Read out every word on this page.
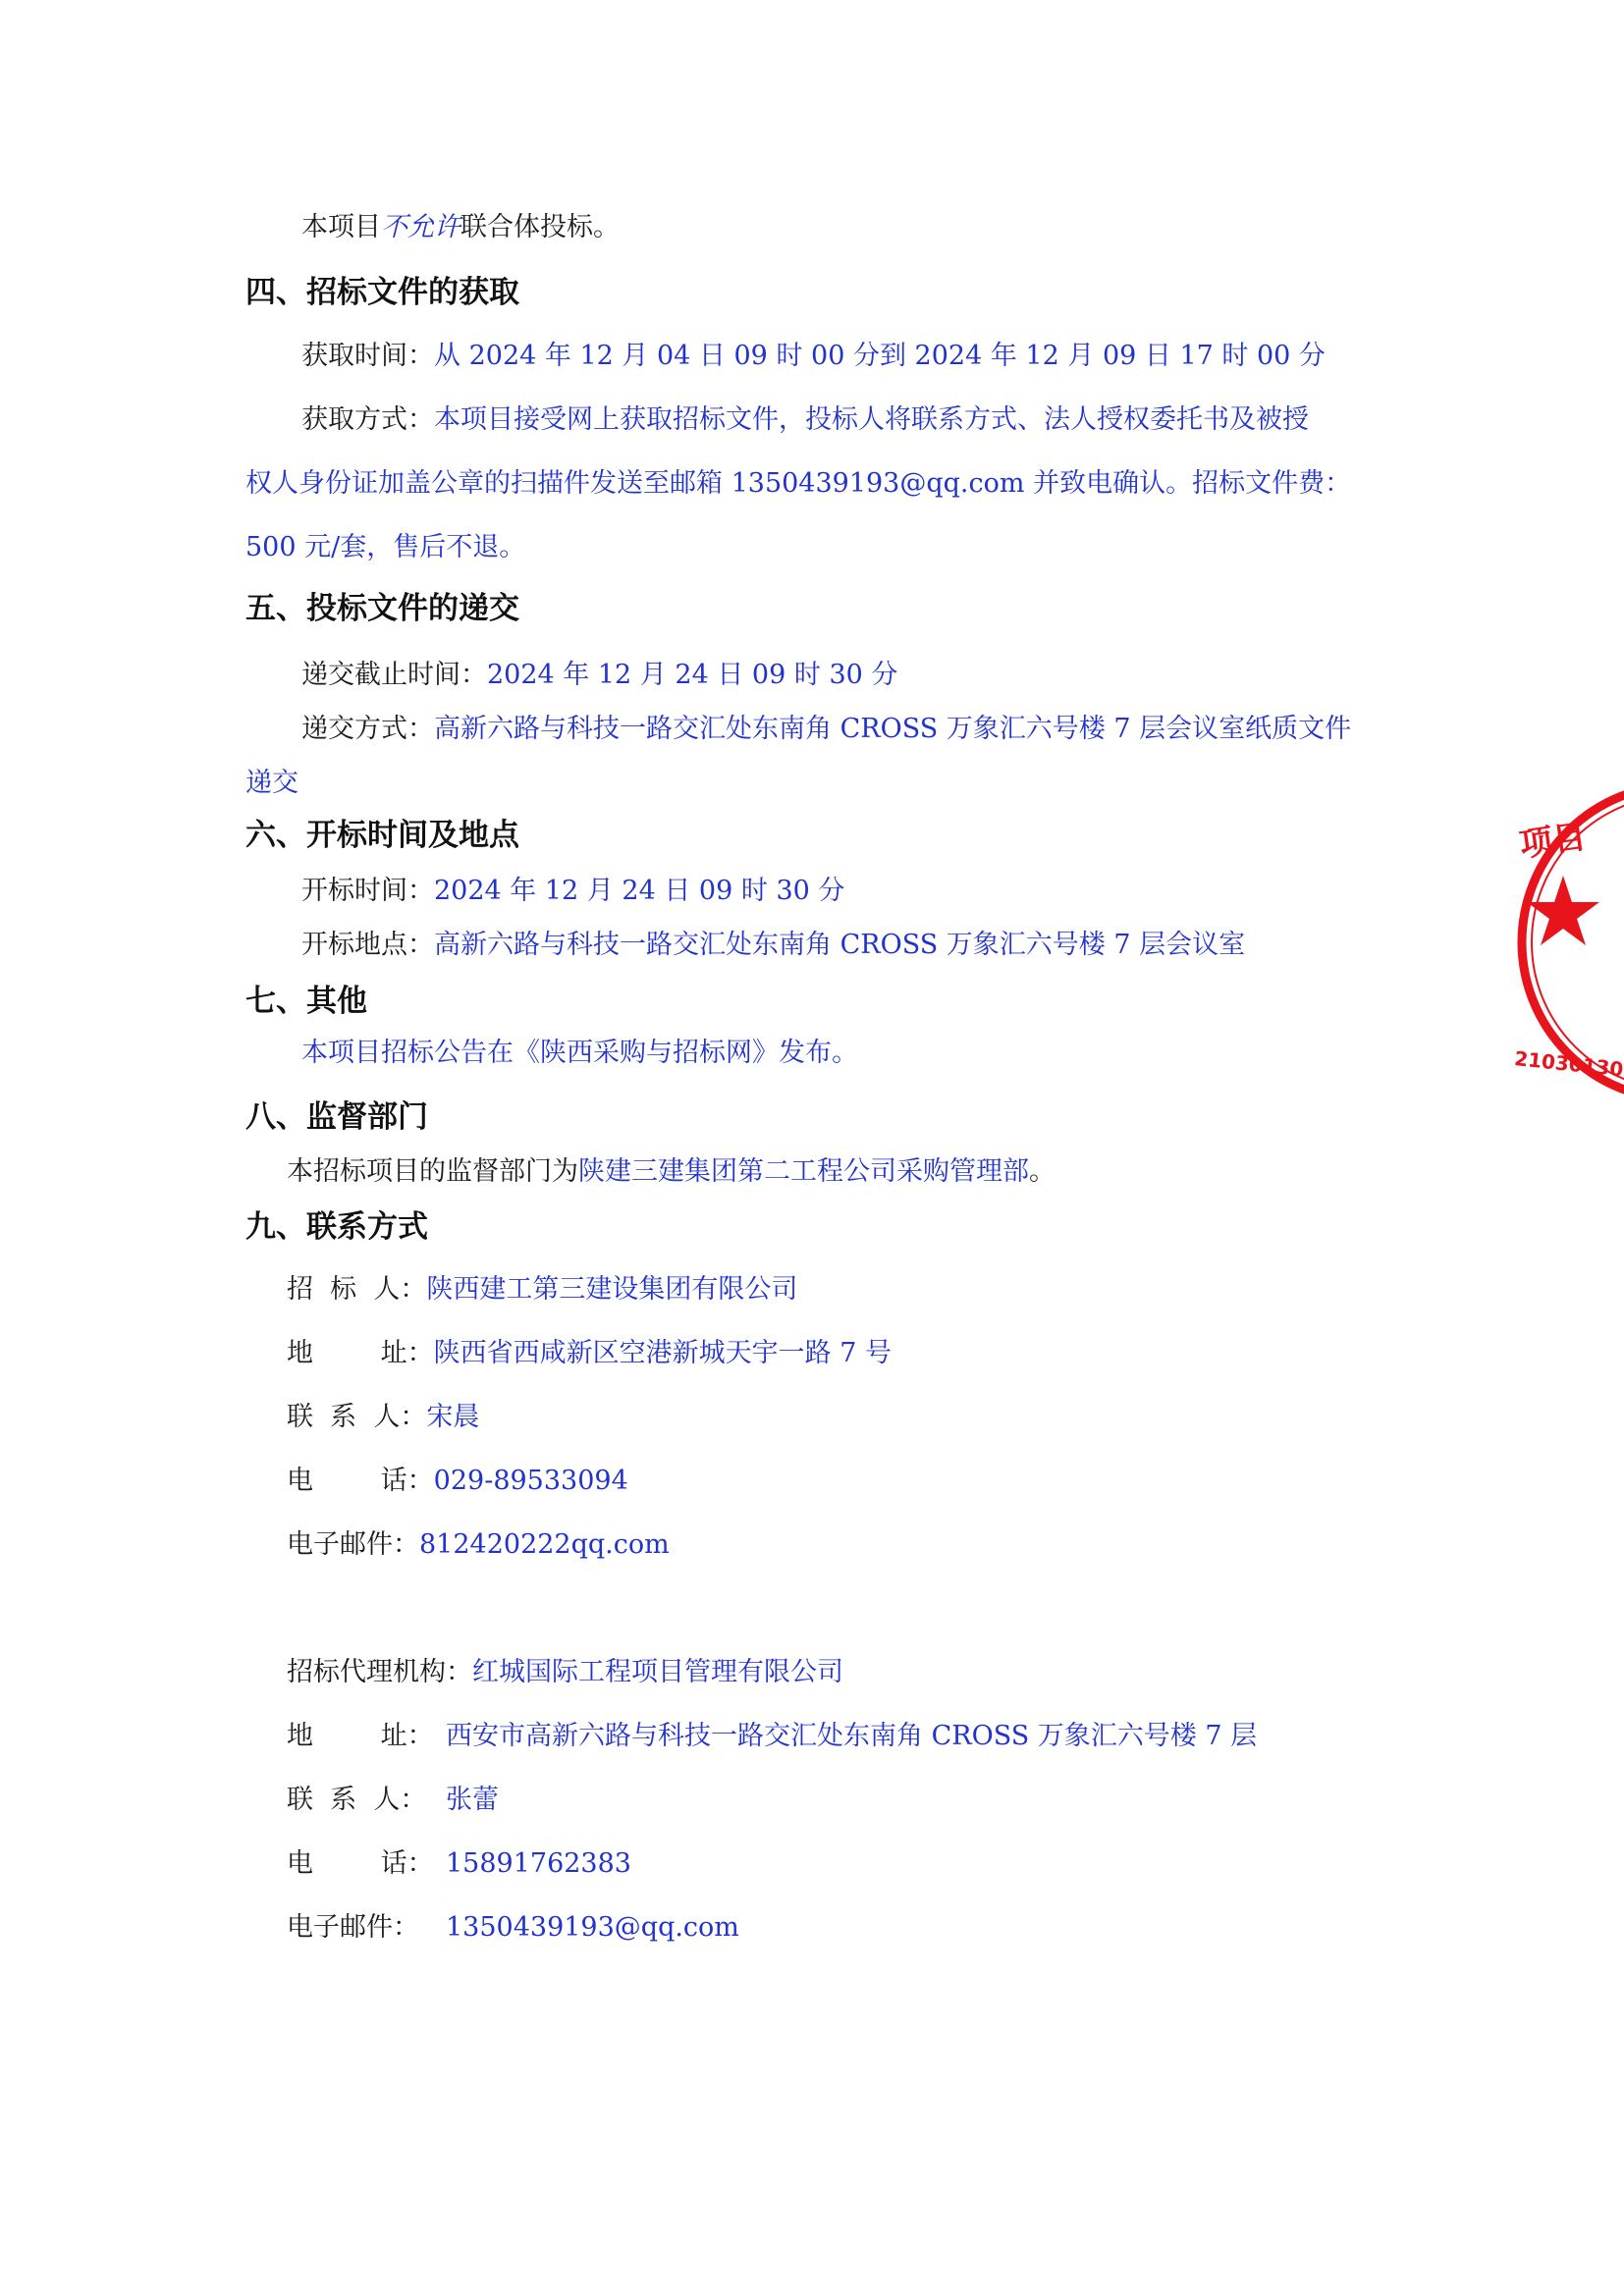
本项目不允许联合体投标。
四、招标文件的获取
获取时间：从 2024 年 12 月 04 日 09 时 00 分到 2024 年 12 月 09 日 17 时 00 分
获取方式：本项目接受网上获取招标文件，投标人将联系方式、法人授权委托书及被授
权人身份证加盖公章的扫描件发送至邮箱 1350439193@qq.com 并致电确认。招标文件费：
500 元/套，售后不退。
五、投标文件的递交
递交截止时间：2024 年 12 月 24 日 09 时 30 分
递交方式：高新六路与科技一路交汇处东南角 CROSS 万象汇六号楼 7 层会议室纸质文件
递交
六、开标时间及地点
开标时间：2024 年 12 月 24 日 09 时 30 分
开标地点：高新六路与科技一路交汇处东南角 CROSS 万象汇六号楼 7 层会议室
七、其他
本项目招标公告在《陕西采购与招标网》发布。
八、监督部门
本招标项目的监督部门为陕建三建集团第二工程公司采购管理部。
九、联系方式
招  标  人：陕西建工第三建设集团有限公司
地        址：陕西省西咸新区空港新城天宇一路 7 号
联  系  人：宋晨
电        话：029-89533094
电子邮件：812420222qq.com
招标代理机构：红城国际工程项目管理有限公司
地        址： 西安市高新六路与科技一路交汇处东南角 CROSS 万象汇六号楼 7 层
联  系  人： 张蕾
电        话： 15891762383
电子邮件： 1350439193@qq.com
项目
21030130
